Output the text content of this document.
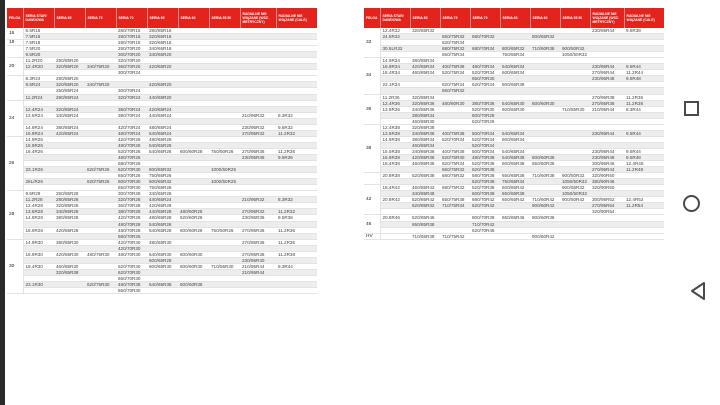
FELGA	SERIA STAR/ DAWDOWA	SERIA 85	SERIA 75	SERIA 70	SERIA 65	SERIA 60	SERIA 55 50	RADIALNE NIE WIĄZANE (WSZ. METRYCZNY)	RADIALNE NIE WIĄZANE (CALE)
16	6.5R16			280/70R16	280/85R16				
	7.5R16			280/70R16	320/65R16				
18	7.5R18			280/70R18	320/65R18				
	7.5R20			280/70R20	340/65R18				
	9.5R20			300/70R20	340/65R20				
20	11.2R20	280/85R20		320/70R20					
	12.4R20	320/85R20	340/75R20	360/70R20	420/65R20				
				300/70R24					
	8.3R24	280/85R20							
	9.5R24	320/85R20	340/75R20		420/65R20				
		250/85R24		300/70R24					
	11.2R24	280/85R24		320/70R24	440/65R20				
24									
	12.4R24	320/85R24		360/70R24	420/65R24				
	13.6R24	340/85R24		380/70R24	440/65R24			210/95R32	8.3R32

	14.9R24	380/85R24		420/70R24	480/65R24			230/95R32	9.5R32
	16.9R24	420/85R24		480/70R24	540/65R24			270/95R32	11.2R32
26	14.9R26			420/70R26	480/65R26				
	16.9R26			480/70R26	540/65R26				
	18.4R26			520/70R26	540/65R26	600/60R28	750/50R26	270/95R36	11.2R36
				480/70R26				230/95R36	9.5R36
				580/70R26					
	23.1R26		620/75R26	620/70R30	600/65R32		1000/50R25		
				650/70R26	750/65R26				
	28L/R26		620/75R26	600/70R30	600/65R32		1000/50R25		
				650/70R30	750/65R26				
28	9.5R28	250/85R28		300/70R28	340/65R28				
	11.2R28	280/85R28		320/70R28	440/65R24			210/95R32	8.3R32
	12.4R28	320/85R28		360/70R28	420/65R28				
	13.6R28	340/85R28		380/70R28	440/65R28	480/60R28		270/95R32	11.2R32
	14.9R28	380/85R28		420/70R28	480/65R28	520/60R28		230/95R36	9.5R36
				480/70R28	540/65R28				
	16.9R28	420/85R28		480/70R28	540/65R28	600/60R28	750/50R26	270/95R36	11.2R36
				580/70R26					
30	14.9R30	380/85R30		420/70R30	480/65R30			270/95R36	11.2R36
				420/70R30					
	16.9R30	420/85R30	480/75R30	480/70R30	540/65R30	600/60R30		270/95R38	11.2R38
					600/65R28			230/95R40	
	18.4R30	460/85R30		520/70R30	600/65R30	600/60R30	710/55R30	210/95R44	8.3R44
		320/85R38		620/70R30				210/95R44	
				650/70R30					
	23.1R30		620/75R30	480/70R38	540/65R38	600/60R38			
				650/70R30					
FELGA	SERIA STAR/ DAWDOWA	SERIA 85	SERIA 75	SERIA 70	SERIA 65	SERIA 60	SERIA 55 50	RADIALNE NIE WIĄZANE (WSZ. METRYCZNY)	RADIALNE NIE WIĄZANE (CALE)
32	12.4R32	320/85R32						230/95R44	9.5R38
	24.5R32		650/75R32	680/70R32		800/65R32			
			620/75R34						
	30.5LR32		680/75R32	680/70R34	800/65R32	710/60R38	900/50R32		
			650/75R34		750/65R34		1050/50R32		
34	14.9R34	380/85R34							
	16.9R34	420/85R34	400/75R38	480/70R34	540/65R34			230/95R44	9.5R44
	18.4R34	460/85R34	520/75R34	520/70R34	600/65R34			270/95R44	11.2R44
				650/70R30				230/95R48	9.5R48
	23.1R34		620/75R34	620/70R34	800/65R38				
			650/75R32						
36	11.2R36	320/85R34						270/95R38	11.2R36
	12.4R36	320/85R36	480/80R30	380/70R38	540/65R30	600/60R30		270/95R38	11.2R38
	13.6R36	340/85R36		520/70R30	600/65R30		710/55R30	210/95R44	8.3R44
		380/85R34		600/70R28					
		460/85R30		620/70R26					
38	12.4R38	320/85R38							
	13.6R38	340/85R38	400/75R38	500/70R34	540/65R34			230/95R44	9.5R44
	14.9R38	380/85R34	520/70R34	520/70R34	600/65R34				
		460/85R34		520/70R34					
	15.5R38	340/85R38	400/75R38	500/70R34	540/65R34			230/95R44	9.5R44
	16.9R38	420/85R38	520/75R30	480/70R38	540/65R38	600/60R38		230/95R48	9.5R48
	18.4R38	460/85R38	620/75R34	520/70R38	600/65R38	650/60R38		300/95R46	12.4R46
			650/75R32	620/70R38				270/95R44	11.2R48
	20.8R38	520/85R38	680/75R32	580/70R38	650/65R38	710/60R38	900/50R32	320/90R50	
				620/70R38	750/65R34		1050/50R32	380/90R46	
42	18.4R42	460/85R42	680/75R32	520/70R38	600/65R42		900/55R32	320/90R50	
		340/85R48		600/70R38	650/65R38		1050/50R32		
	20.8R42	520/85R42	650/75R38	680/70R42	650/65R42	710/60R42	900/50R42	300/95R52	12.4R52
		620/85R32	710/75R34	620/70R42		900/60R42		270/95R54	11.2R54
								320/90R54	
46	20.8R46	520/85R46		800/70R38	650/65R46	900/60R38			
		650/85R38		710/70R42					
				620/70R46					
HV		710/65R38	710/75R42			900/60R42			
